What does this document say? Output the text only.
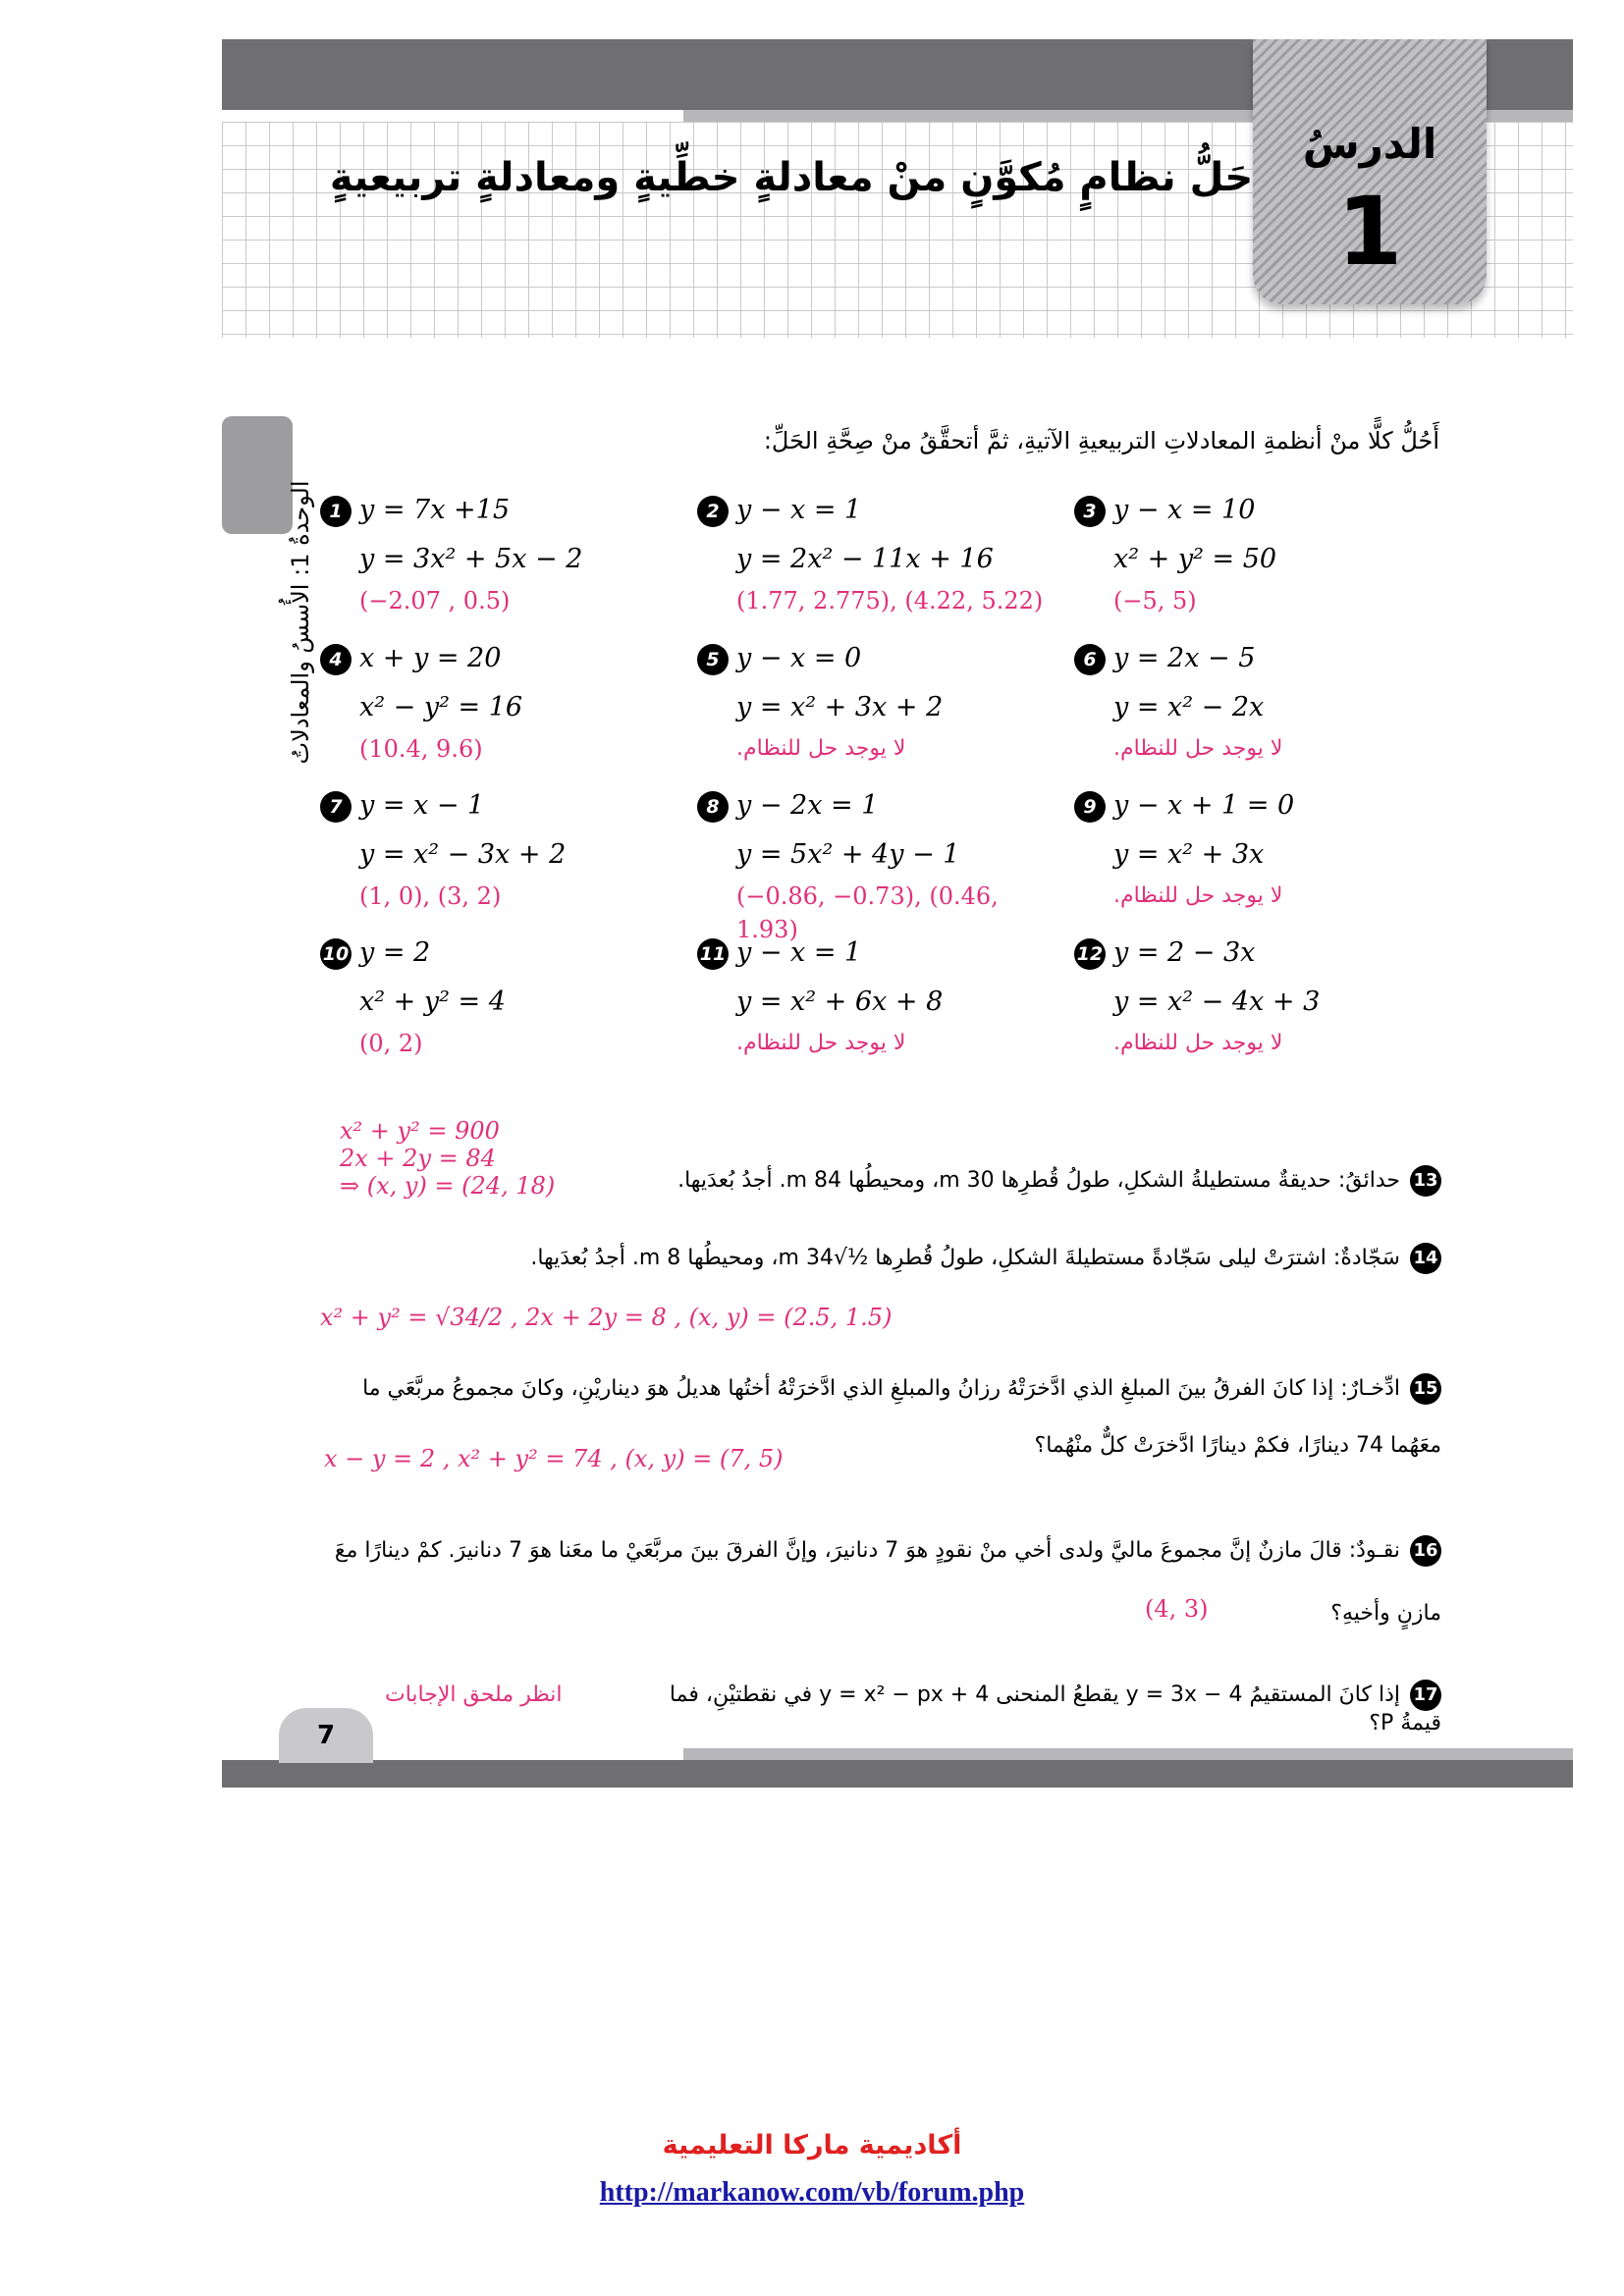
حَلُّ نظامٍ مُكوَّنٍ منْ معادلةٍ خطِّيةٍ ومعادلةٍ تربيعيةٍ
الدرسُ
1
الوحدةُ 1: الأُسسُ والمعادلاتُ
أَحُلُّ كلًّا منْ أنظمةِ المعادلاتِ التربيعيةِ الآتيةِ، ثمَّ أتحقَّقُ منْ صِحَّةِ الحَلِّ:
1 y = 7x +15
y = 3x² + 5x − 2
(−2.07 , 0.5)
2 y − x = 1
y = 2x² − 11x + 16
(1.77, 2.775), (4.22, 5.22)
3 y − x = 10
x² + y² = 50
(−5, 5)
4 x + y = 20
x² − y² = 16
(10.4, 9.6)
5 y − x = 0
y = x² + 3x + 2
لا يوجد حل للنظام.
6 y = 2x − 5
y = x² − 2x
لا يوجد حل للنظام.
7 y = x − 1
y = x² − 3x + 2
(1, 0), (3, 2)
8 y − 2x = 1
y = 5x² + 4y − 1
(−0.86, −0.73), (0.46, 1.93)
9 y − x + 1 = 0
y = x² + 3x
لا يوجد حل للنظام.
10 y = 2
x² + y² = 4
(0, 2)
11 y − x = 1
y = x² + 6x + 8
لا يوجد حل للنظام.
12 y = 2 − 3x
y = x² − 4x + 3
لا يوجد حل للنظام.
13حدائقُ: حديقةٌ مستطيلةُ الشكلِ، طولُ قُطرِها 30 m، ومحيطُها 84 m. أجدُ بُعدَيها.
x² + y² = 900
2x + 2y = 84
⇒ (x, y) = (24, 18)
14سَجّادةٌ: اشترَتْ ليلى سَجّادةً مستطيلةَ الشكلِ، طولُ قُطرِها ½√34 m، ومحيطُها 8 m. أجدُ بُعدَيها.
x² + y² = √34/2 , 2x + 2y = 8 , (x, y) = (2.5, 1.5)
15ادِّخـارٌ: إذا كانَ الفرقُ بينَ المبلغِ الذي ادَّخرَتْهُ رزانُ والمبلغِ الذي ادَّخرَتْهُ أختُها هديلُ هوَ ديناريْنِ، وكانَ مجموعُ مربَّعَي ما معَهُما 74 دينارًا، فكمْ دينارًا ادَّخرَتْ كلٌّ منْهُما؟
x − y = 2 , x² + y² = 74 , (x, y) = (7, 5)
16نقـودٌ: قالَ مازنٌ إنَّ مجموعَ ماليَّ ولدى أخي منْ نقودٍ هوَ 7 دنانيرَ، وإنَّ الفرقَ بينَ مربَّعَيْ ما معَنا هوَ 7 دنانيرَ. كمْ دينارًا معَ مازنٍ وأخيهِ؟
(4, 3)
17إذا كانَ المستقيمُ y = 3x − 4 يقطعُ المنحنى y = x² − px + 4 في نقطتيْنِ، فما قيمةُ P؟
انظر ملحق الإجابات
7
أكاديمية ماركا التعليمية
http://markanow.com/vb/forum.php
